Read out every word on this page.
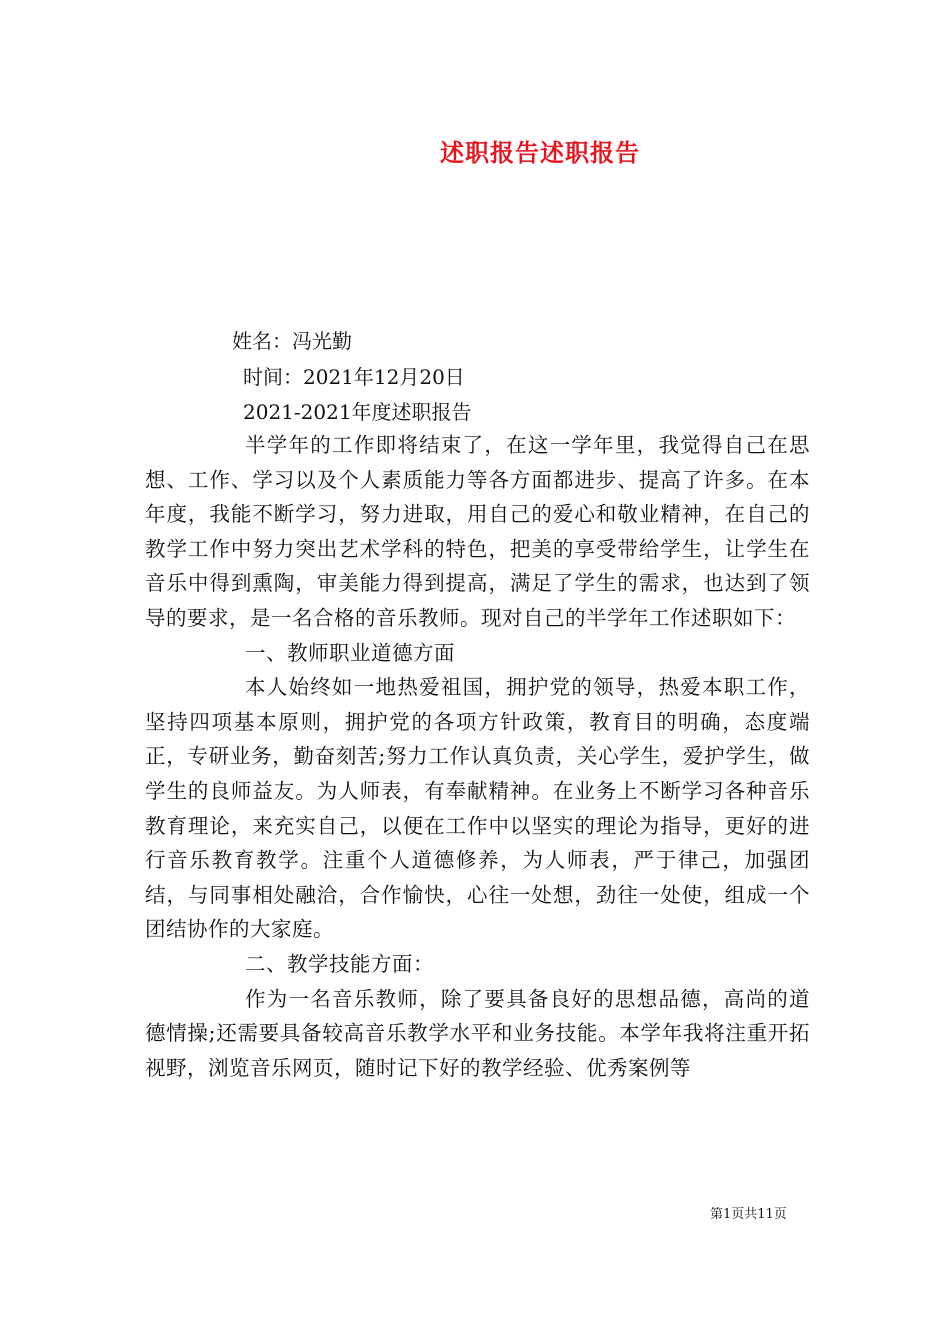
述职报告述职报告
姓名：冯光勤
时间：2021年12月20日
2021-2021年度述职报告

半学年的工作即将结束了，在这一学年里，我觉得自己在思想、工作、学习以及个人素质能力等各方面都进步、提高了许多。在本年度，我能不断学习，努力进取，用自己的爱心和敬业精神，在自己的教学工作中努力突出艺术学科的特色，把美的享受带给学生，让学生在音乐中得到熏陶，审美能力得到提高，满足了学生的需求，也达到了领导的要求，是一名合格的音乐教师。现对自己的半学年工作述职如下：

一、教师职业道德方面

本人始终如一地热爱祖国，拥护党的领导，热爱本职工作，坚持四项基本原则，拥护党的各项方针政策，教育目的明确，态度端正，专研业务，勤奋刻苦;努力工作认真负责，关心学生，爱护学生，做学生的良师益友。为人师表，有奉献精神。在业务上不断学习各种音乐教育理论，来充实自己，以便在工作中以坚实的理论为指导，更好的进行音乐教育教学。注重个人道德修养，为人师表，严于律己，加强团结，与同事相处融洽，合作愉快，心往一处想，劲往一处使，组成一个团结协作的大家庭。

二、教学技能方面：

作为一名音乐教师，除了要具备良好的思想品德，高尚的道德情操;还需要具备较高音乐教学水平和业务技能。本学年我将注重开拓视野，浏览音乐网页，随时记下好的教学经验、优秀案例等

第1页共11页
